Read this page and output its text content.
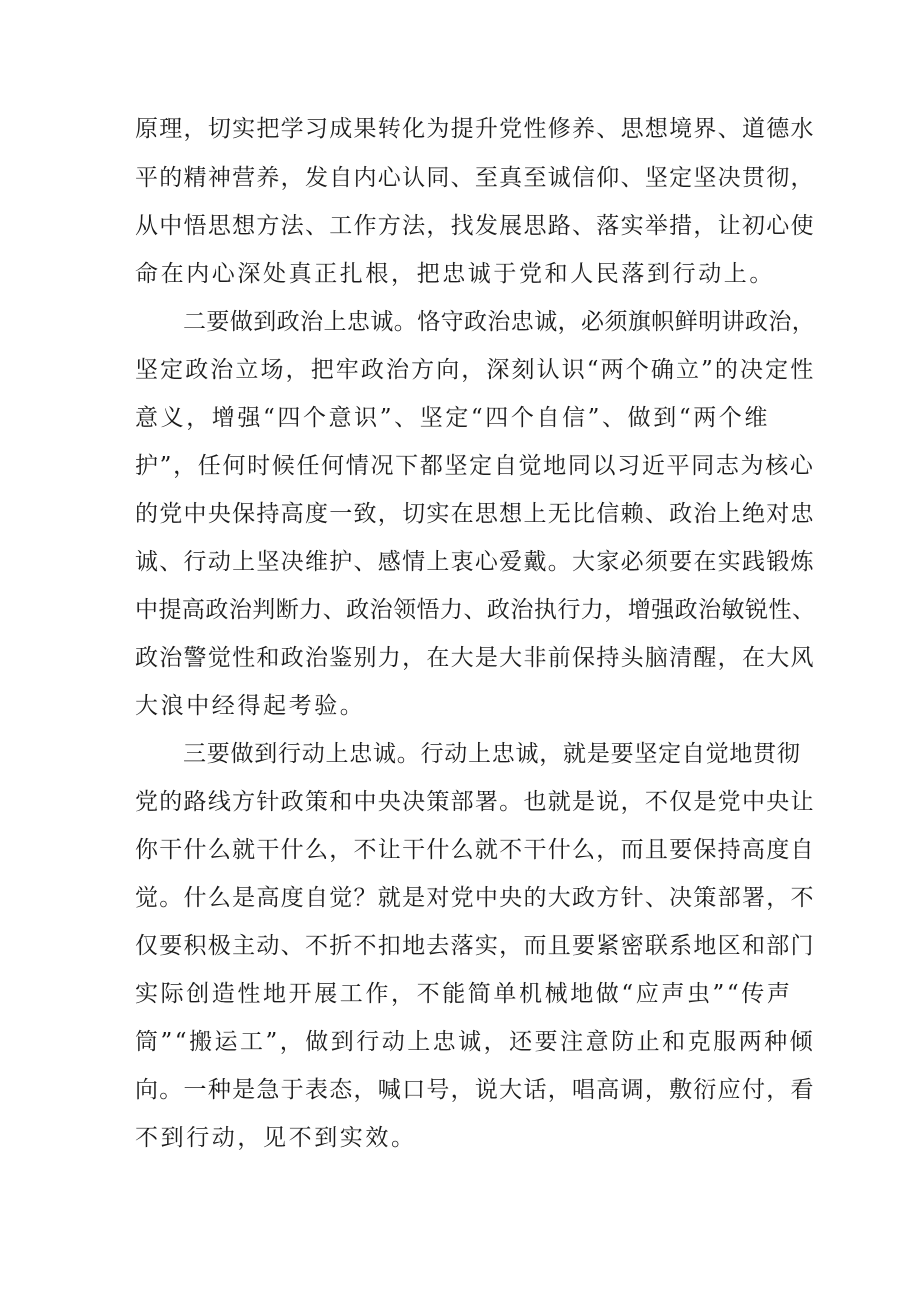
原理，切实把学习成果转化为提升党性修养、思想境界、道德水
平的精神营养，发自内心认同、至真至诚信仰、坚定坚决贯彻，
从中悟思想方法、工作方法，找发展思路、落实举措，让初心使
命在内心深处真正扎根，把忠诚于党和人民落到行动上。
二要做到政治上忠诚。恪守政治忠诚，必须旗帜鲜明讲政治，
坚定政治立场，把牢政治方向，深刻认识“两个确立”的决定性
意义，增强“四个意识”、坚定“四个自信”、做到“两个维
护”，任何时候任何情况下都坚定自觉地同以习近平同志为核心
的党中央保持高度一致，切实在思想上无比信赖、政治上绝对忠
诚、行动上坚决维护、感情上衷心爱戴。大家必须要在实践锻炼
中提高政治判断力、政治领悟力、政治执行力，增强政治敏锐性、
政治警觉性和政治鉴别力，在大是大非前保持头脑清醒，在大风
大浪中经得起考验。
三要做到行动上忠诚。行动上忠诚，就是要坚定自觉地贯彻
党的路线方针政策和中央决策部署。也就是说，不仅是党中央让
你干什么就干什么，不让干什么就不干什么，而且要保持高度自
觉。什么是高度自觉？就是对党中央的大政方针、决策部署，不
仅要积极主动、不折不扣地去落实，而且要紧密联系地区和部门
实际创造性地开展工作，不能简单机械地做“应声虫”“传声
筒”“搬运工”，做到行动上忠诚，还要注意防止和克服两种倾
向。一种是急于表态，喊口号，说大话，唱高调，敷衍应付，看
不到行动，见不到实效。
